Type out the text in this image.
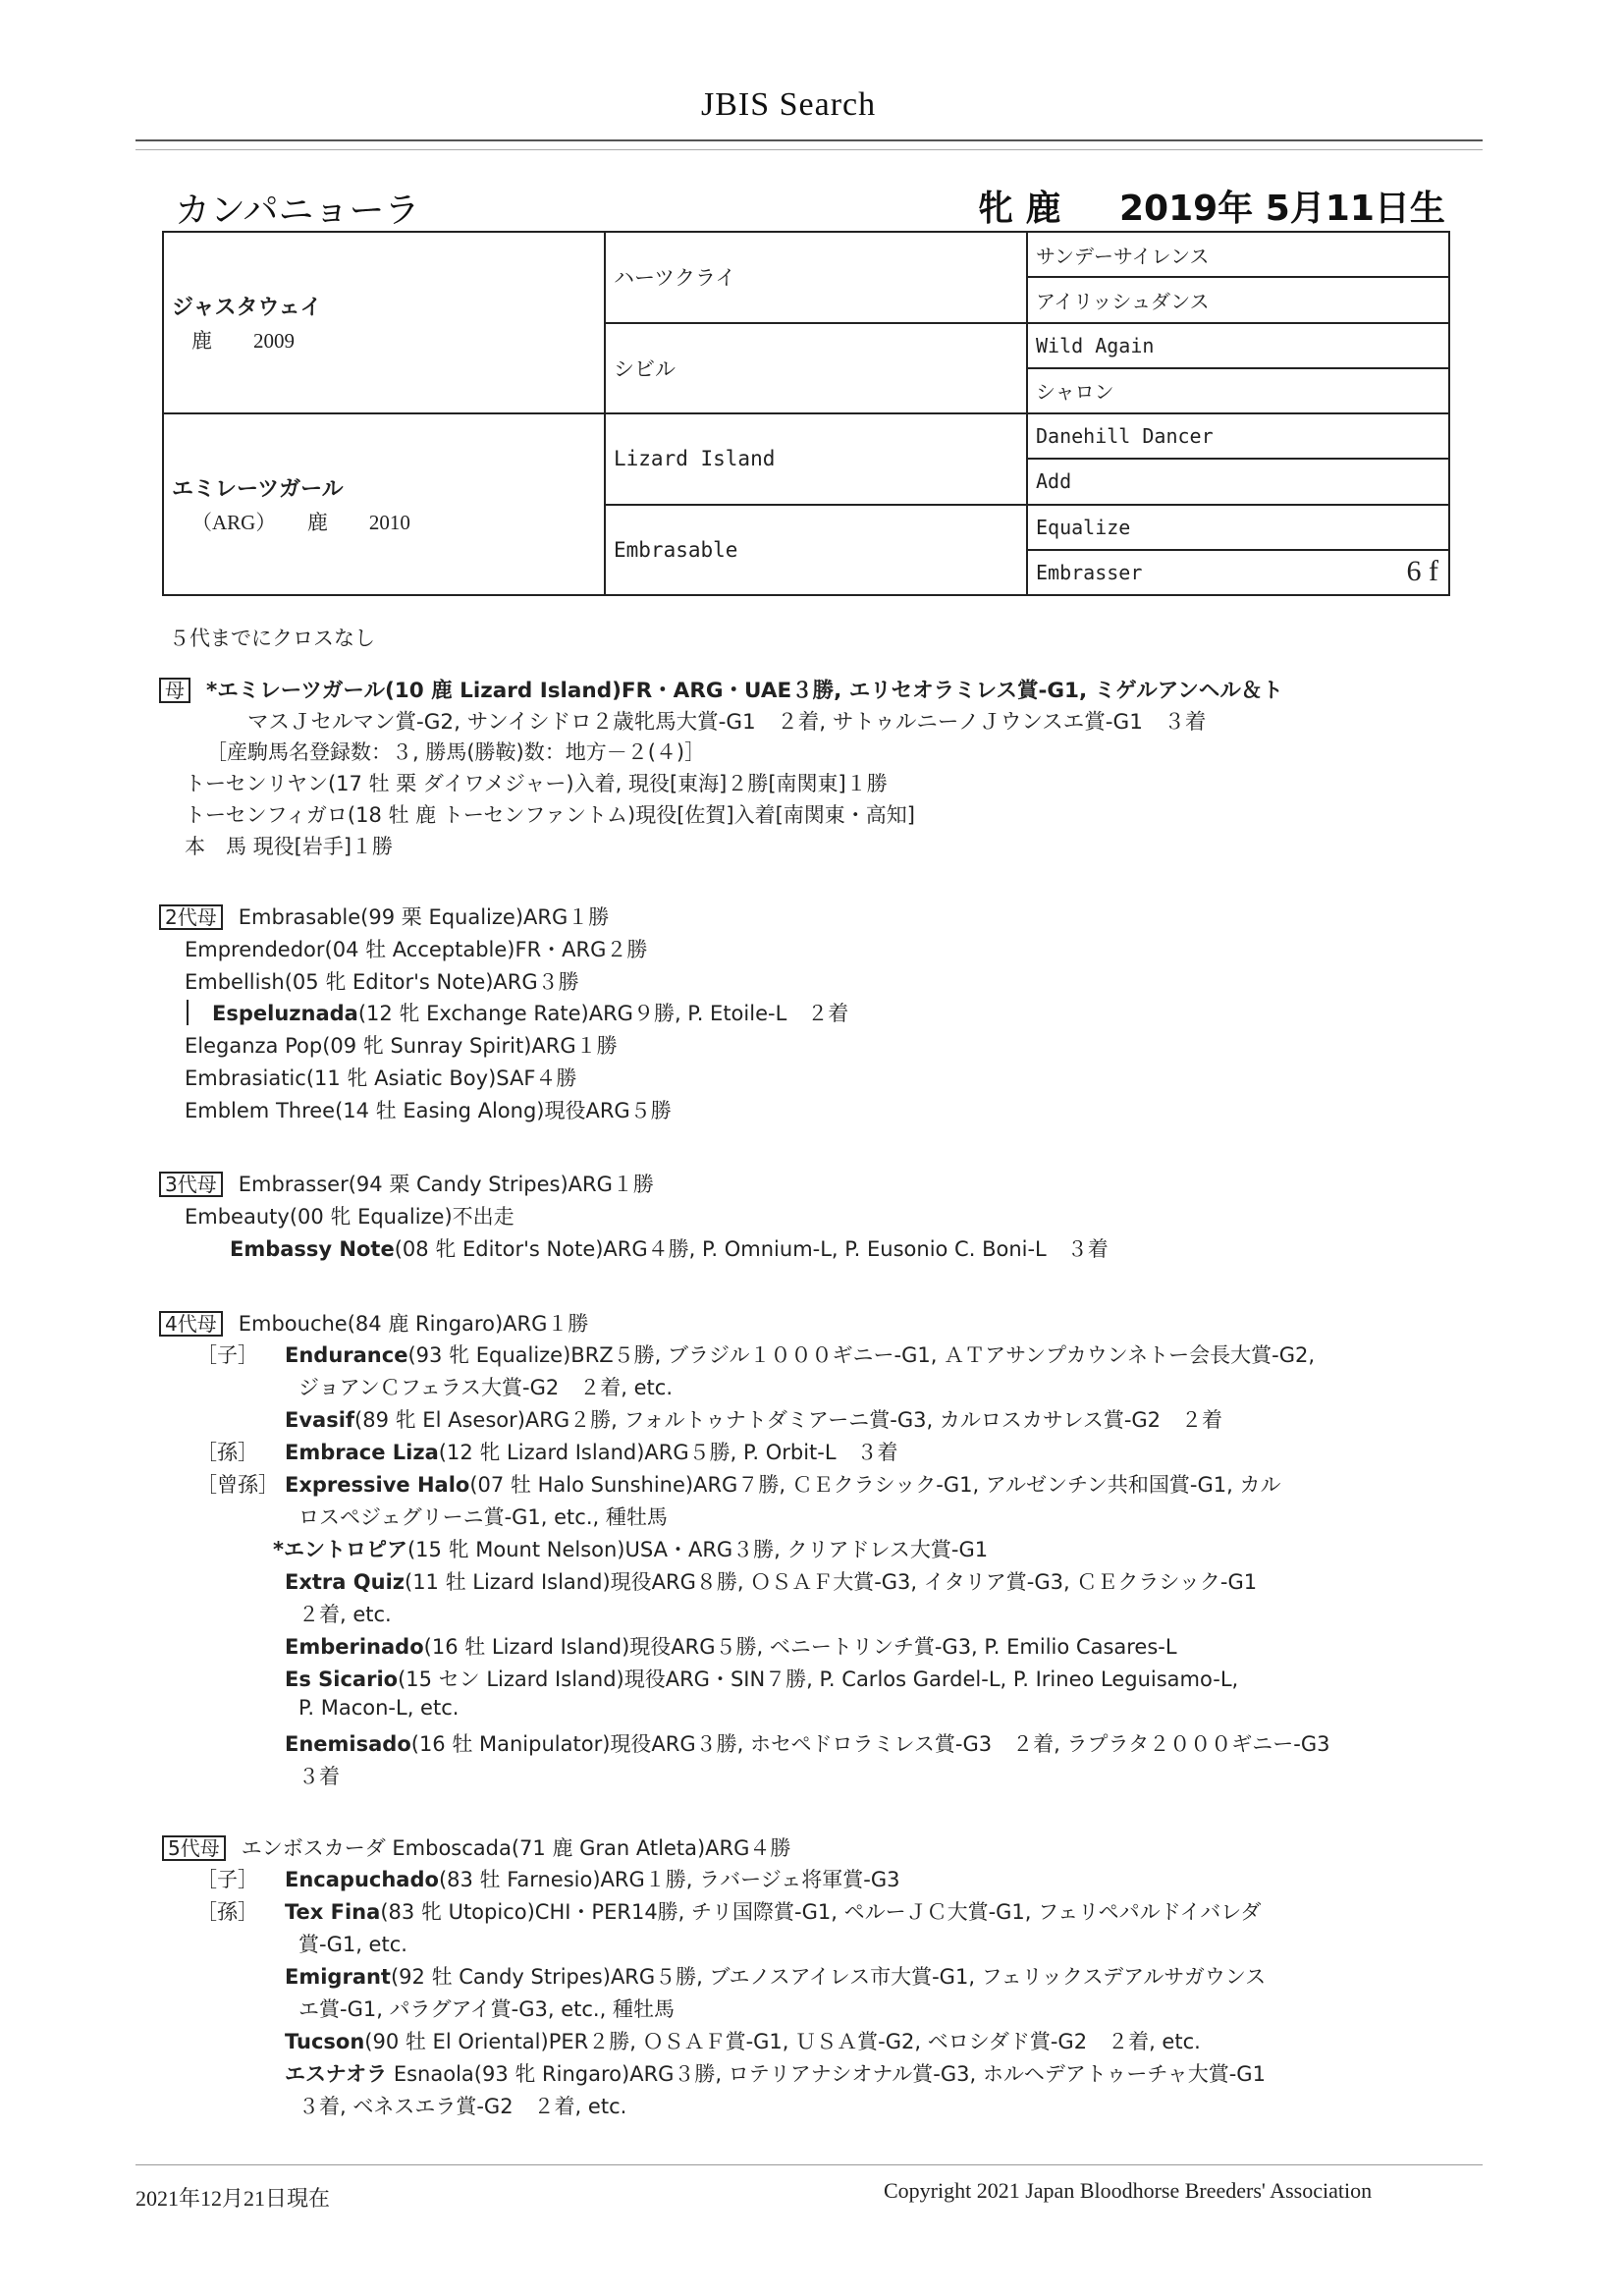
JBIS Search
カンパニョーラ	牝 鹿 2019年 5月11日生
ジャスタウェイ
鹿　　2009	ハーツクライ	サンデーサイレンス
		アイリッシュダンス
	シビル	Wild Again
		シャロン

エミレーツガール
（ARG）　　鹿　　2010	Lizard Island	Danehill Dancer
		Add
	Embrasable	Equalize
		Embrasser 6 f
５代までにクロスなし
母 *エミレーツガール(10 鹿 Lizard Island)FR・ARG・UAE３勝, エリセオラミレス賞-G1, ミゲルアンヘル＆ト
マスＪセルマン賞-G2, サンイシドロ２歳牝馬大賞-G1　２着, サトゥルニーノＪウンスエ賞-G1　３着
［産駒馬名登録数：３, 勝馬(勝鞍)数：地方－２(４)］
トーセンリヤン(17 牡 栗 ダイワメジャー)入着, 現役[東海]２勝[南関東]１勝
トーセンフィガロ(18 牡 鹿 トーセンファントム)現役[佐賀]入着[南関東・高知]
本　馬 現役[岩手]１勝
2代母 Embrasable(99 栗 Equalize)ARG１勝
Emprendedor(04 牡 Acceptable)FR・ARG２勝
Embellish(05 牝 Editor's Note)ARG３勝
Espeluznada(12 牝 Exchange Rate)ARG９勝, P. Etoile-L　２着
Eleganza Pop(09 牝 Sunray Spirit)ARG１勝
Embrasiatic(11 牝 Asiatic Boy)SAF４勝
Emblem Three(14 牡 Easing Along)現役ARG５勝
3代母 Embrasser(94 栗 Candy Stripes)ARG１勝
Embeauty(00 牝 Equalize)不出走
Embassy Note(08 牝 Editor's Note)ARG４勝, P. Omnium-L, P. Eusonio C. Boni-L　３着
4代母 Embouche(84 鹿 Ringaro)ARG１勝
［子］ Endurance(93 牝 Equalize)BRZ５勝, ブラジル１０００ギニー-G1, ＡＴアサンプカウンネトー会長大賞-G2,
ジョアンＣフェラス大賞-G2　２着, etc.
Evasif(89 牝 El Asesor)ARG２勝, フォルトゥナトダミアーニ賞-G3, カルロスカサレス賞-G2　２着
［孫］ Embrace Liza(12 牝 Lizard Island)ARG５勝, P. Orbit-L　３着
［曾孫］ Expressive Halo(07 牡 Halo Sunshine)ARG７勝, ＣＥクラシック-G1, アルゼンチン共和国賞-G1, カル
ロスペジェグリーニ賞-G1, etc., 種牡馬
*エントロピア(15 牝 Mount Nelson)USA・ARG３勝, クリアドレス大賞-G1
Extra Quiz(11 牡 Lizard Island)現役ARG８勝, ＯＳＡＦ大賞-G3, イタリア賞-G3, ＣＥクラシック-G1
２着, etc.
Emberinado(16 牡 Lizard Island)現役ARG５勝, ベニートリンチ賞-G3, P. Emilio Casares-L
Es Sicario(15 セン Lizard Island)現役ARG・SIN７勝, P. Carlos Gardel-L, P. Irineo Leguisamo-L,
P. Macon-L, etc.
Enemisado(16 牡 Manipulator)現役ARG３勝, ホセペドロラミレス賞-G3　２着, ラプラタ２０００ギニー-G3
３着
5代母 エンボスカーダ Emboscada(71 鹿 Gran Atleta)ARG４勝
［子］ Encapuchado(83 牡 Farnesio)ARG１勝, ラバージェ将軍賞-G3
［孫］ Tex Fina(83 牝 Utopico)CHI・PER14勝, チリ国際賞-G1, ペルーＪＣ大賞-G1, フェリペパルドイバレダ
賞-G1, etc.
Emigrant(92 牡 Candy Stripes)ARG５勝, ブエノスアイレス市大賞-G1, フェリックスデアルサガウンス
エ賞-G1, パラグアイ賞-G3, etc., 種牡馬
Tucson(90 牡 El Oriental)PER２勝, ＯＳＡＦ賞-G1, ＵＳＡ賞-G2, ベロシダド賞-G2　２着, etc.
エスナオラ Esnaola(93 牝 Ringaro)ARG３勝, ロテリアナシオナル賞-G3, ホルヘデアトゥーチャ大賞-G1
３着, ベネスエラ賞-G2　２着, etc.
2021年12月21日現在	Copyright 2021 Japan Bloodhorse Breeders' Association
